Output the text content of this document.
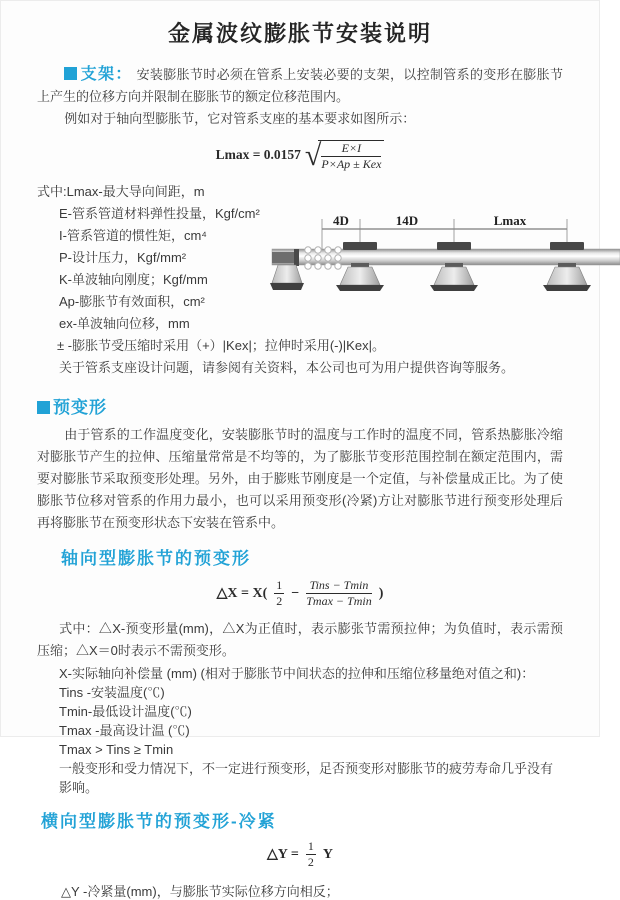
金属波纹膨胀节安装说明

支架： 安装膨胀节时必须在管系上安装必要的支架，以控制管系的变形在膨胀节上产生的位移方向并限制在膨胀节的额定位移范围内。

例如对于轴向型膨胀节，它对管系支座的基本要求如图所示：

Lmax = 0.0157 √
$\frac{E\times I}{\text{P×Ap ± Kex}}$
式中:Lmax-最大导向间距，m
E-管系管道材料弹性投量，Kgf/cm²
I-管系管道的惯性矩，cm⁴
P-设计压力，Kgf/mm²
K-单波轴向刚度；Kgf/mm
Ap-膨胀节有效面积，cm²
ex-单波轴向位移，mm
4D	14D	Lmax
± -膨胀节受压缩时采用（+）|Kex|；拉伸时采用(-)|Kex|。
关于管系支座设计问题，请参阅有关资料，本公司也可为用户提供咨询等服务。
预变形

由于管系的工作温度变化，安装膨胀节时的温度与工作时的温度不同，管系热膨胀冷缩对膨胀节产生的拉伸、压缩量常常是不均等的，为了膨胀节变形范围控制在额定范围内，需要对膨胀节采取预变形处理。另外，由于膨账节刚度是一个定值，与补偿量成正比。为了使膨胀节位移对管系的作用力最小，也可以采用预变形(冷紧)方让对膨胀节进行预变形处理后再将膨胀节在预变形状态下安装在管系中。

轴向型膨胀节的预变形
△X = $X( \frac{1}{2} - \frac{\text{Tins − Tmin}}{Tmax - Tmin}$ )

式中：△X-预变形量(mm)，△X为正值时，表示膨张节需预拉伸；为负值时，表示需预压缩；△X＝0时表示不需预变形。

X-实际轴向补偿量 (mm) (相对于膨胀节中间状态的拉伸和压缩位移量绝对值之和)：
Tins -安装温度(℃)
Tmin-最低设计温度(℃)
Tmax -最高设计温 (℃)
Tmax > Tins ≥ Tmin
一般变形和受力情况下，不一定进行预变形，足否预变形对膨胀节的疲劳寿命几乎没有影响。
横向型膨胀节的预变形-冷紧
△Y = $\frac{1}{2}$ Y
△Y -冷紧量(mm)，与膨胀节实际位移方向相反；
